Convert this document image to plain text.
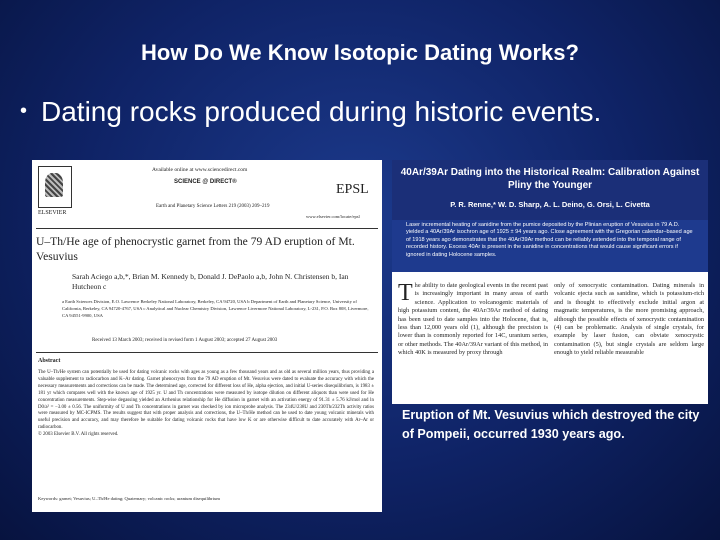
How Do We Know Isotopic Dating Works?
• Dating rocks produced during historic events.
ELSEVIER
Available online at www.sciencedirect.com
SCIENCE @ DIRECT®
Earth and Planetary Science Letters 219 (2003) 209–219
EPSL
www.elsevier.com/locate/epsl
U–Th/He age of phenocrystic garnet from the 79 AD eruption of Mt. Vesuvius
Sarah Aciego a,b,*, Brian M. Kennedy b, Donald J. DePaolo a,b, John N. Christensen b, Ian Hutcheon c
a Earth Sciences Division, E.O. Lawrence Berkeley National Laboratory, Berkeley, CA 94720, USA b Department of Earth and Planetary Science, University of California, Berkeley, CA 94720-4767, USA c Analytical and Nuclear Chemistry Division, Lawrence Livermore National Laboratory, L-231, P.O. Box 808, Livermore, CA 94551-9900, USA
Received 13 March 2003; received in revised form 1 August 2003; accepted 27 August 2003
Abstract
The U–Th/He system can potentially be used for dating volcanic rocks with ages as young as a few thousand years and as old as several million years, thus providing a valuable supplement to radiocarbon and K–Ar dating. Garnet phenocrysts from the 79 AD eruption of Mt. Vesuvius were dated to evaluate the accuracy with which the necessary measurements and corrections can be made. The determined age, corrected for different loss of He, alpha ejection, and initial U-series disequilibrium, is 1983 ± 181 yr which compares well with the known age of 1925 yr. U and Th concentrations were measured by isotope dilution on different aliquots than were used for He concentration measurements. Step-wise degassing yielded an Arrhenius relationship for He diffusion in garnet with an activation energy of 91.31 ± 5.76 kJ/mol and ln D0/a² = −3.00 ± 0.56. The uniformity of U and Th concentrations in garnet was checked by ion microprobe analysis. The 234U/238U and 230Th/232Th activity ratios were measured by MC-ICPMS. The results suggest that with proper analysis and corrections, the U–Th/He method can be used to date young volcanic minerals with useful precision and accuracy, and may therefore be suitable for dating volcanic rocks that have low K or are otherwise difficult to date accurately with Ar–Ar or radiocarbon.
© 2003 Elsevier B.V. All rights reserved.
Keywords: garnet; Vesuvius; U–Th/He dating; Quaternary; volcanic rocks; uranium disequilibrium
40Ar/39Ar Dating into the Historical Realm: Calibration Against Pliny the Younger
P. R. Renne,* W. D. Sharp, A. L. Deino, G. Orsi, L. Civetta
Laser incremental heating of sanidine from the pumice deposited by the Plinian eruption of Vesuvius in 79 A.D. yielded a 40Ar/39Ar isochron age of 1925 ± 94 years ago. Close agreement with the Gregorian calendar–based age of 1918 years ago demonstrates that the 40Ar/39Ar method can be reliably extended into the temporal range of recorded history. Excess 40Ar is present in the sanidine in concentrations that would cause significant errors if ignored in dating Holocene samples.
The ability to date geological events in the recent past is increasingly important in many areas of earth science. Application to volcanogenic materials of high potassium content, the 40Ar/39Ar method of dating has been used to date samples into the Holocene, that is, less than 12,000 years old (1), although the precision is lower than is commonly reported for 14C, uranium series, or other methods. The 40Ar/39Ar variant of this method, in which 40K is measured by proxy through
only of xenocrystic contamination. Dating minerals in volcanic ejecta such as sanidine, which is potassium-rich and is thought to effectively exclude initial argon at magmatic temperatures, is the more promising approach, although the possible effects of xenocrystic contamination (4) can be problematic. Analysis of single crystals, for example by laser fusion, can obviate xenocrystic contamination (5), but single crystals are seldom large enough to yield reliable measurable
Eruption of Mt. Vesuvius which destroyed the city of Pompeii, occurred 1930 years ago.
